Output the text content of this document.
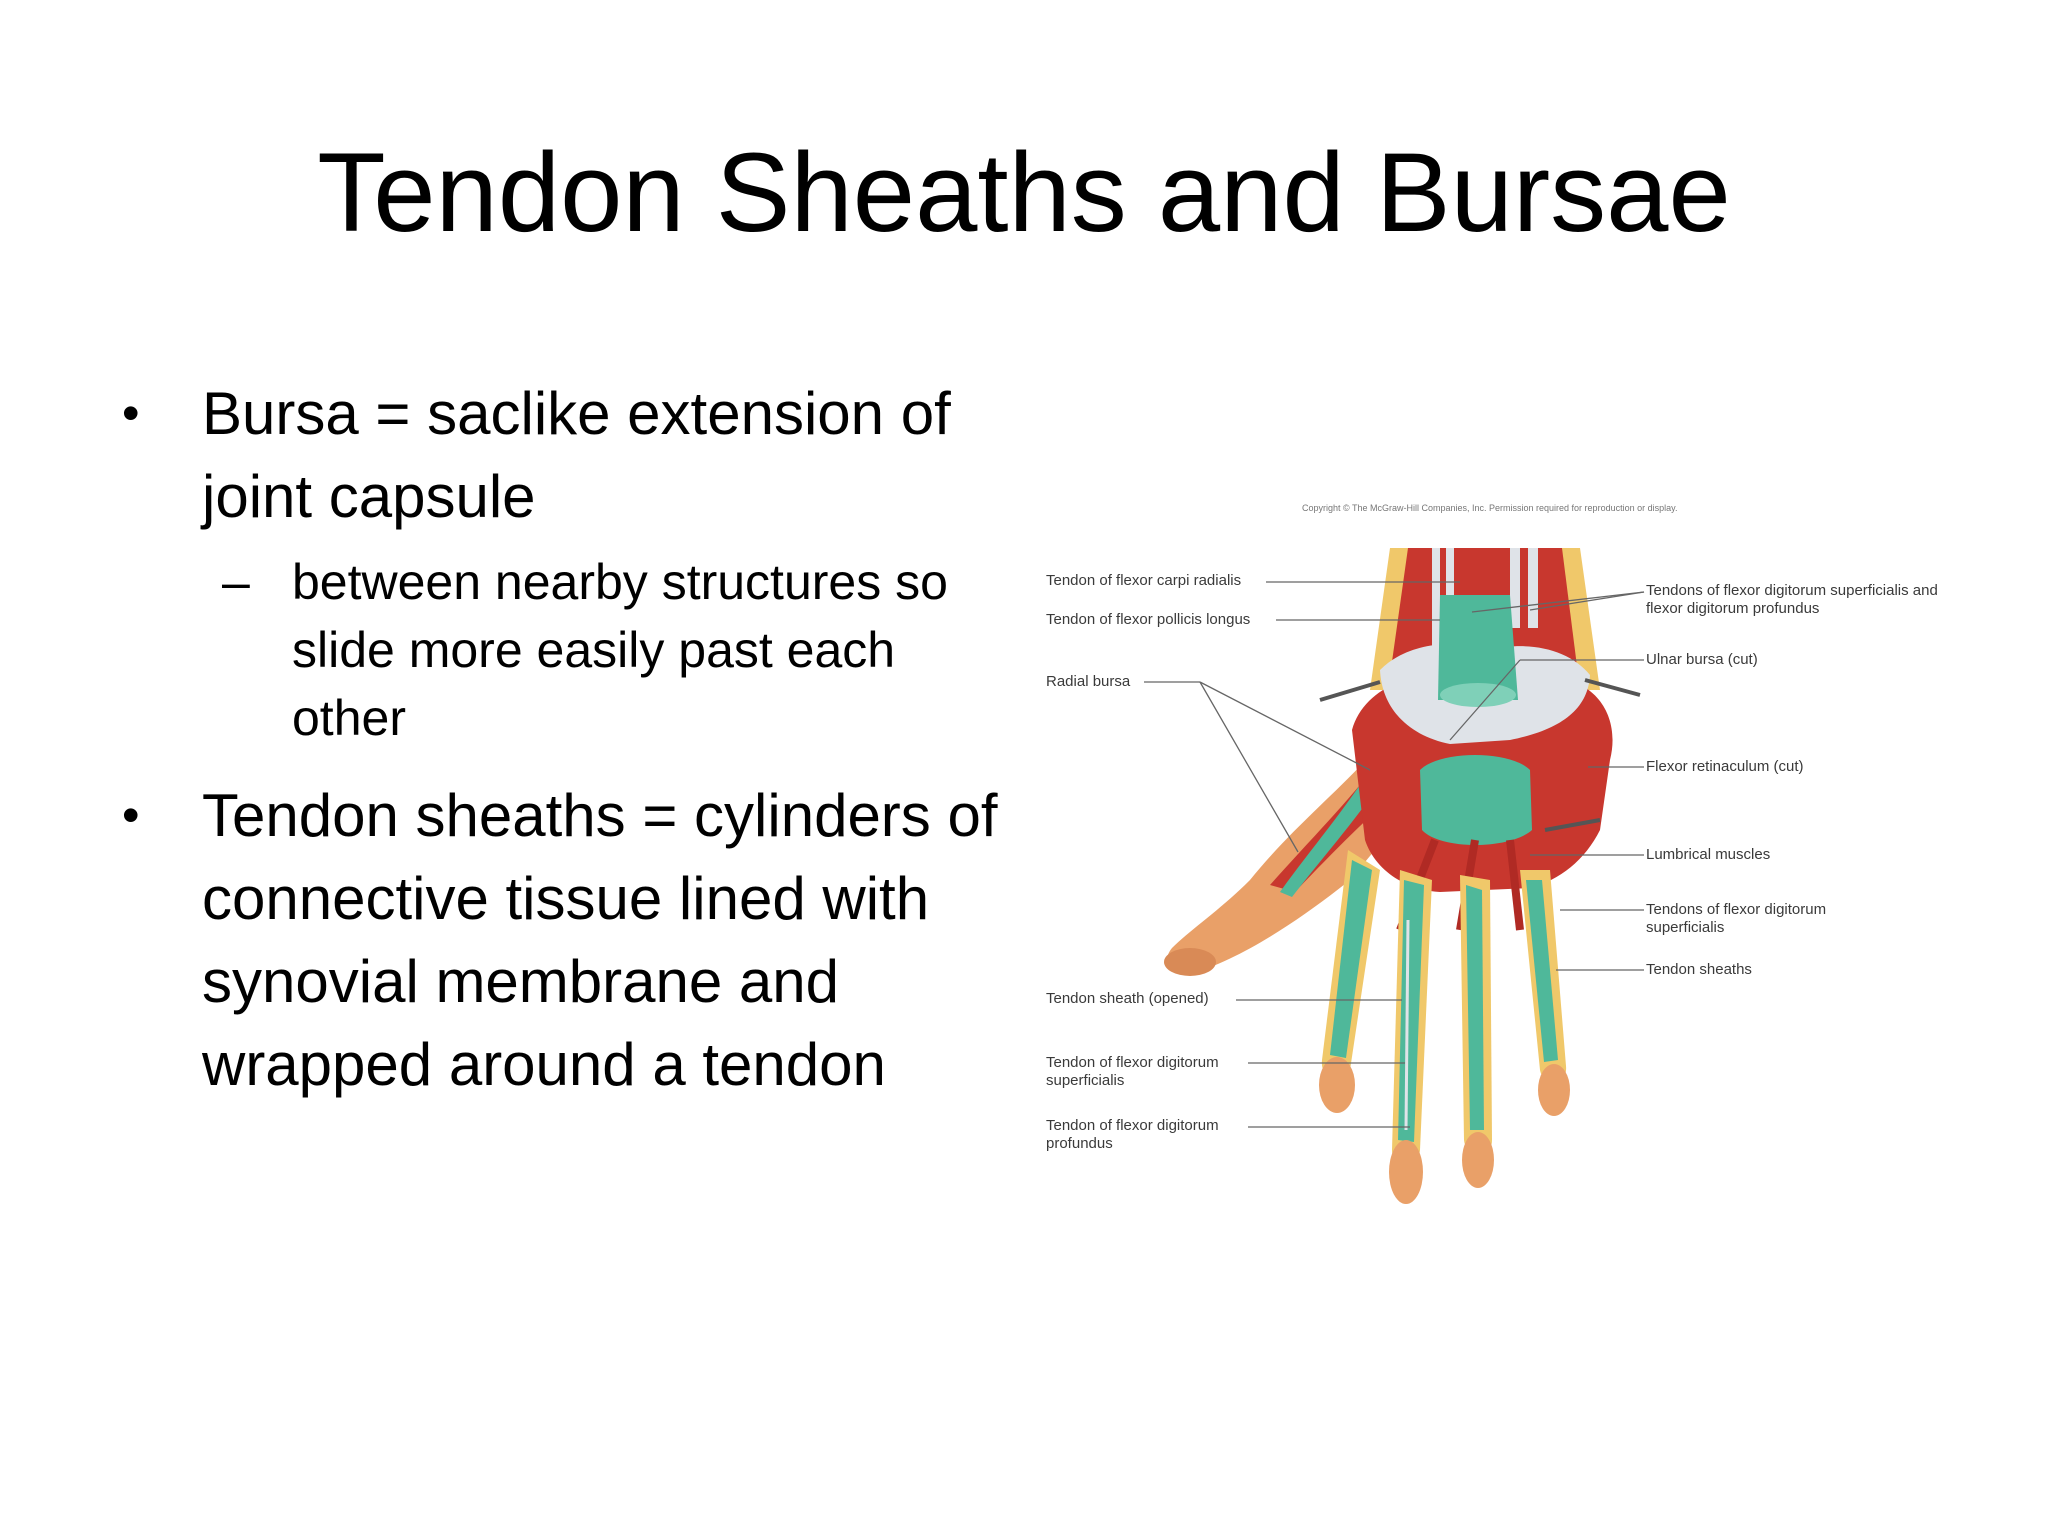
Tendon Sheaths and Bursae
• Bursa = saclike extension of joint capsule
– between nearby structures so slide more easily past each other
• Tendon sheaths = cylinders of connective tissue lined with synovial membrane and wrapped around a tendon
Copyright © The McGraw-Hill Companies, Inc. Permission required for reproduction or display.
Tendon of flexor carpi radialis
Tendon of flexor pollicis longus
Radial bursa
Tendon sheath (opened)
Tendon of flexor digitorum superficialis
Tendon of flexor digitorum profundus
Tendons of flexor digitorum superficialis and flexor digitorum profundus
Ulnar bursa (cut)
Flexor retinaculum (cut)
Lumbrical muscles
Tendons of flexor digitorum superficialis
Tendon sheaths
